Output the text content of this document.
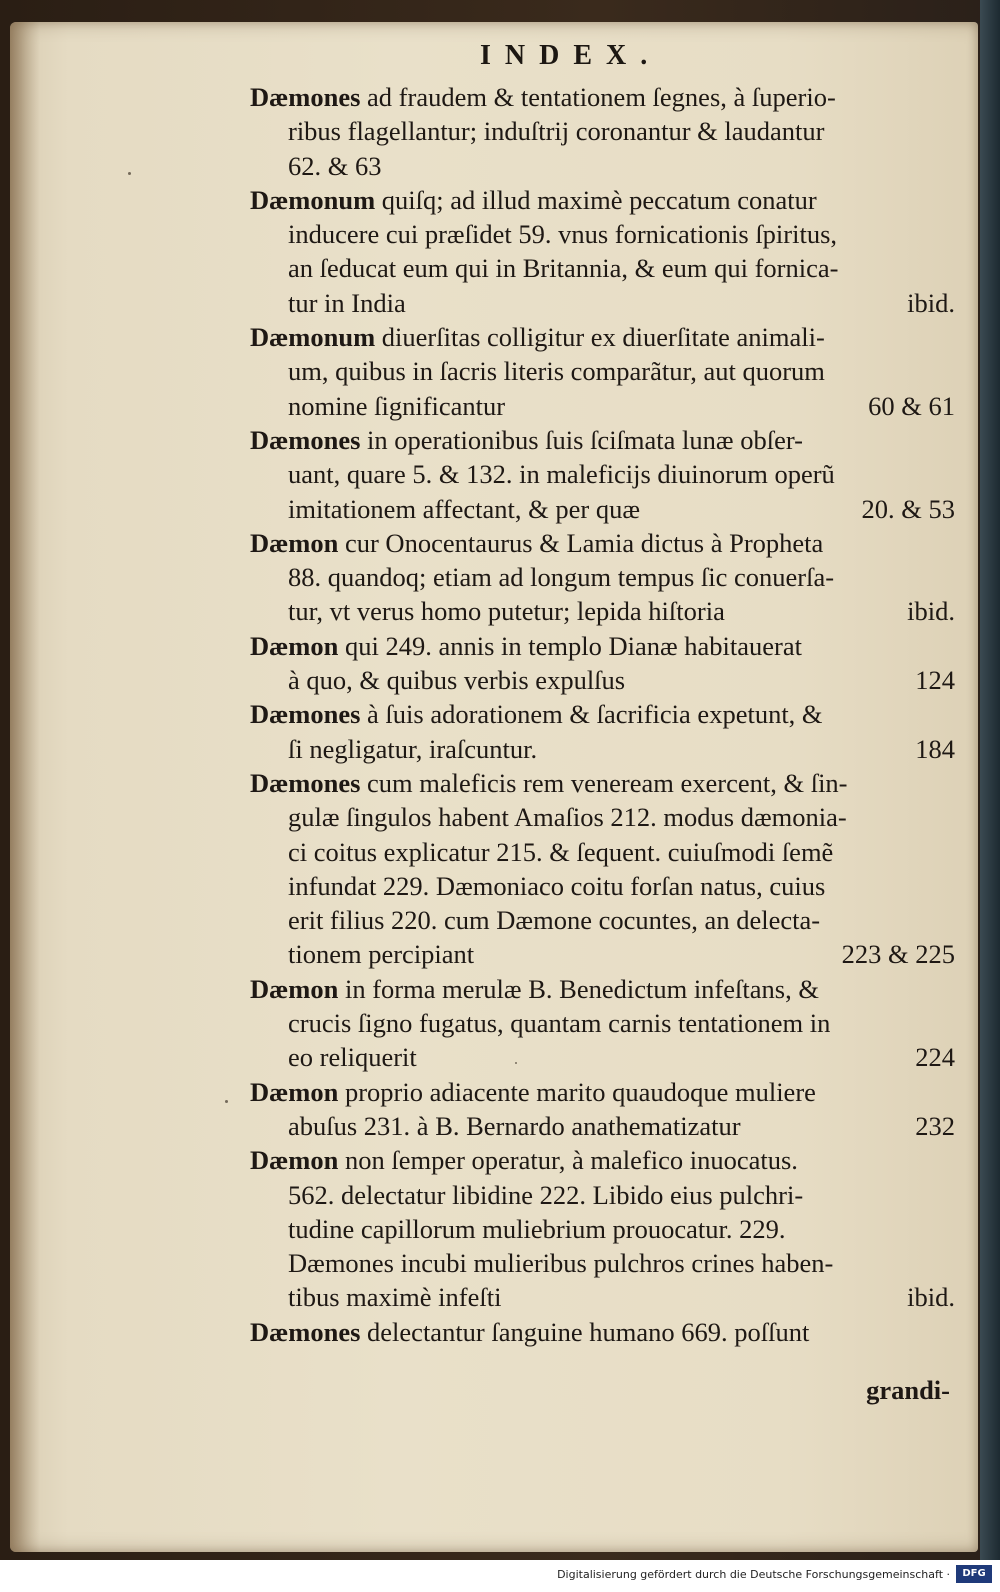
INDEX.
Dæmones ad fraudem & tentationem ſegnes, à ſuperio-
ribus flagellantur; induſtrij coronantur & laudantur
62. & 63
Dæmonum quiſq; ad illud maximè peccatum conatur
inducere cui præſidet 59. vnus fornicationis ſpiritus,
an ſeducat eum qui in Britannia, & eum qui fornica-
tur in India	ibid.
Dæmonum diuerſitas colligitur ex diuerſitate animali-
um, quibus in ſacris literis comparãtur, aut quorum
nomine ſignificantur	60 & 61
Dæmones in operationibus ſuis ſciſmata lunæ obſer-
uant, quare 5. & 132. in maleficijs diuinorum operũ
imitationem affectant, & per quæ	20. & 53
Dæmon cur Onocentaurus & Lamia dictus à Propheta
88. quandoq; etiam ad longum tempus ſic conuerſa-
tur, vt verus homo putetur; lepida hiſtoria	ibid.
Dæmon qui 249. annis in templo Dianæ habitauerat
à quo, & quibus verbis expulſus	124
Dæmones à ſuis adorationem & ſacrificia expetunt, &
ſi negligatur, iraſcuntur.	184
Dæmones cum maleficis rem veneream exercent, & ſin-
gulæ ſingulos habent Amaſios 212. modus dæmonia-
ci coitus explicatur 215. & ſequent. cuiuſmodi ſemẽ
infundat 229. Dæmoniaco coitu forſan natus, cuius
erit filius 220. cum Dæmone cocuntes, an delecta-
tionem percipiant	223 & 225
Dæmon in forma merulæ B. Benedictum infeſtans, &
crucis ſigno fugatus, quantam carnis tentationem in
eo reliquerit	224
Dæmon proprio adiacente marito quaudoque muliere
abuſus 231. à B. Bernardo anathematizatur	232
Dæmon non ſemper operatur, à malefico inuocatus.
562. delectatur libidine 222. Libido eius pulchri-
tudine capillorum muliebrium prouocatur. 229.
Dæmones incubi mulieribus pulchros crines haben-
tibus maximè infeſti	ibid.
Dæmones delectantur ſanguine humano 669. poſſunt
grandi-
Digitalisierung gefördert durch die Deutsche Forschungsgemeinschaft ·	DFG
